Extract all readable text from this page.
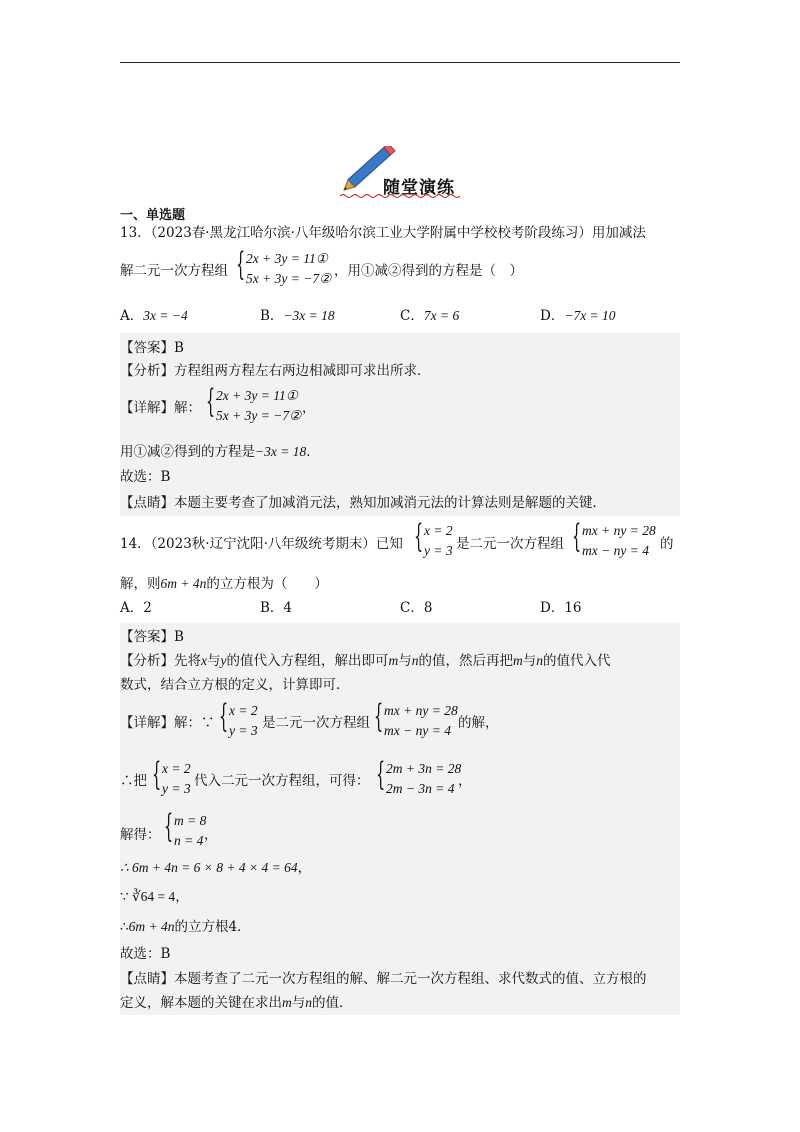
随堂演练
一、单选题
13．（2023春·黑龙江哈尔滨·八年级哈尔滨工业大学附属中学校校考阶段练习）用加减法
解二元一次方程组 { 2x + 3y = 11①
5x + 3y = −7② ，用①减②得到的方程是（　）
A．3x = −4	B．−3x = 18	C．7x = 6	D．−7x = 10
【答案】B
【分析】方程组两方程左右两边相减即可求出所求．
【详解】解： { 2x + 3y = 11①
5x + 3y = −7② ，
用①减②得到的方程是−3x = 18．
故选：B
【点睛】本题主要考查了加减消元法，熟知加减消元法的计算法则是解题的关键．
14．（2023秋·辽宁沈阳·八年级统考期末）已知 { x = 2
y = 3 是二元一次方程组 { mx + ny = 28
mx − ny = 4 的
解，则6m + 4n的立方根为（　　）
A．2	B．4	C．8	D．16
【答案】B
【分析】先将x与y的值代入方程组，解出即可m与n的值，然后再把m与n的值代入代
数式，结合立方根的定义，计算即可．
【详解】解：∵ { x = 2
y = 3 是二元一次方程组 { mx + ny = 28
mx − ny = 4 的解，
∴把 { x = 2
y = 3 代入二元一次方程组，可得： { 2m + 3n = 28
2m − 3n = 4 ，
解得： { m = 8
n = 4 ，
∴ 6m + 4n = 6 × 8 + 4 × 4 = 64，
∵ ∛64 = 4，
∴6m + 4n的立方根4．
故选：B
【点睛】本题考查了二元一次方程组的解、解二元一次方程组、求代数式的值、立方根的
定义，解本题的关键在求出m与n的值．
